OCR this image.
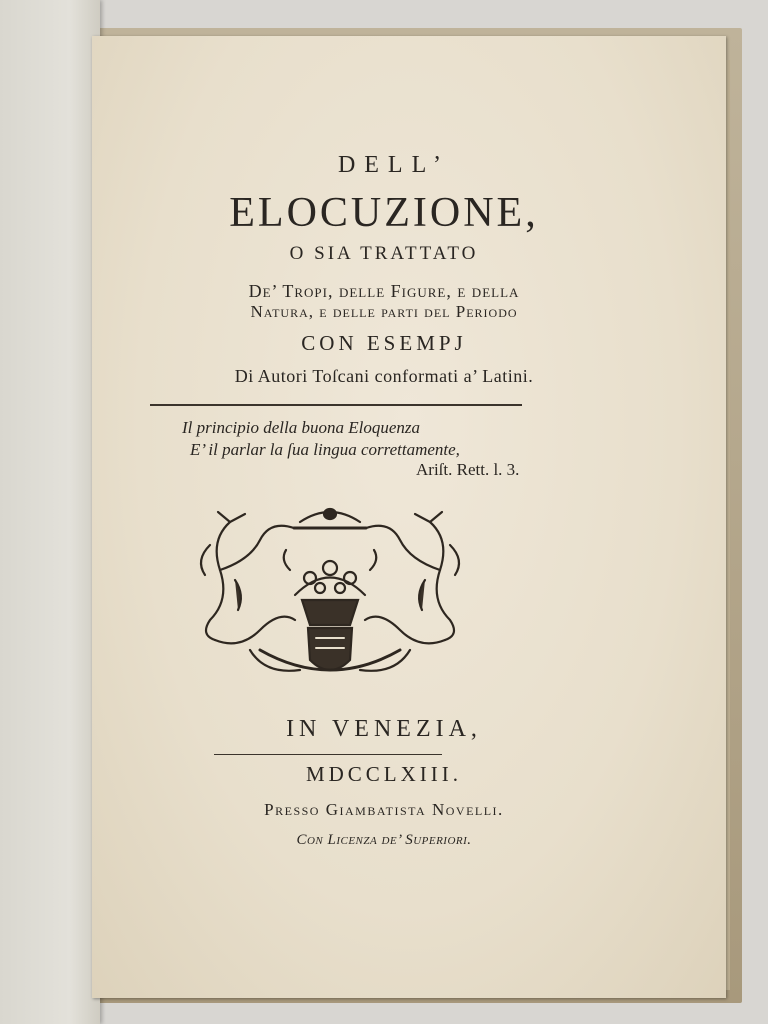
DELL’
ELOCUZIONE,
O SIA TRATTATO
De’ Tropi, delle Figure, e della
Natura, e delle parti del Periodo
CON ESEMPJ
Di Autori Toſcani conformati a’ Latini.
Il principio della buona Eloquenza
E’ il parlar la ſua lingua correttamente,
Ariſt. Rett. l. 3.
IN VENEZIA,
MDCCLXIII.
Preſſo Giambatista Novelli.
Con Licenza de’ Superiori.
